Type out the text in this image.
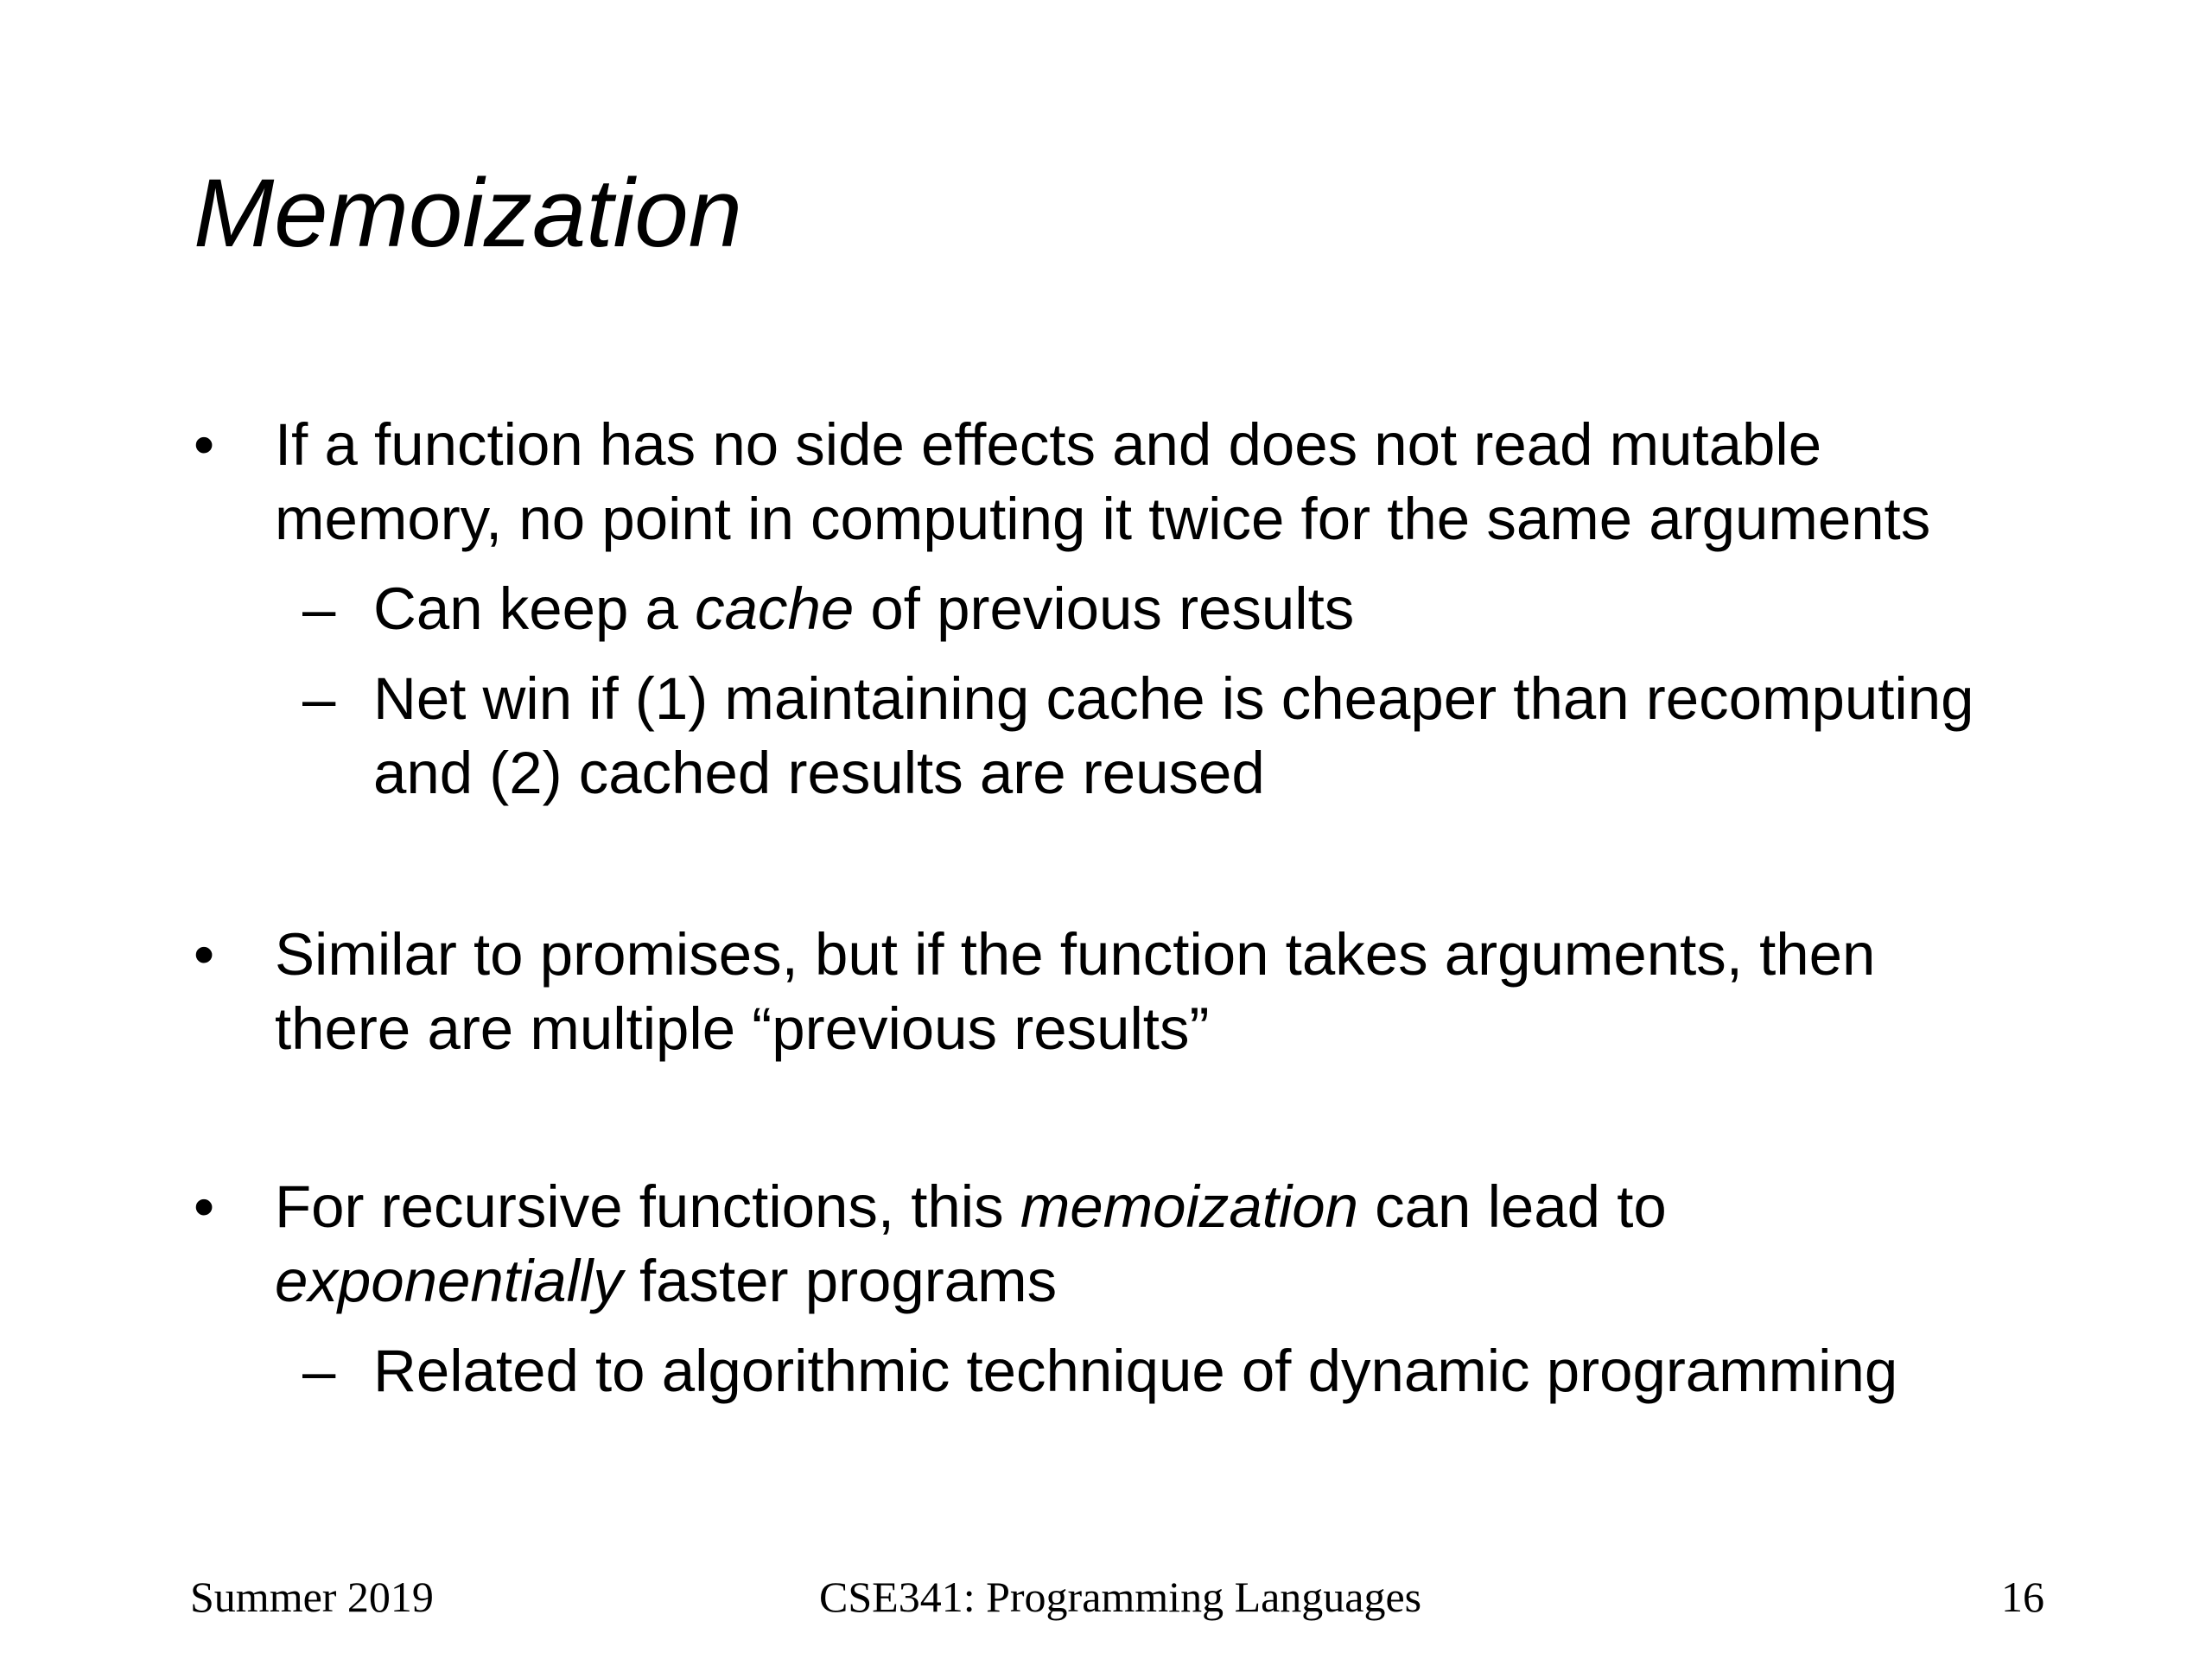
Memoization
• If a function has no side effects and does not read mutable
memory, no point in computing it twice for the same arguments
– Can keep a cache of previous results
– Net win if (1) maintaining cache is cheaper than recomputing
and (2) cached results are reused
• Similar to promises, but if the function takes arguments, then
there are multiple “previous results”
• For recursive functions, this memoization can lead to
exponentially faster programs
– Related to algorithmic technique of dynamic programming
Summer 2019	CSE341: Programming Languages	16
